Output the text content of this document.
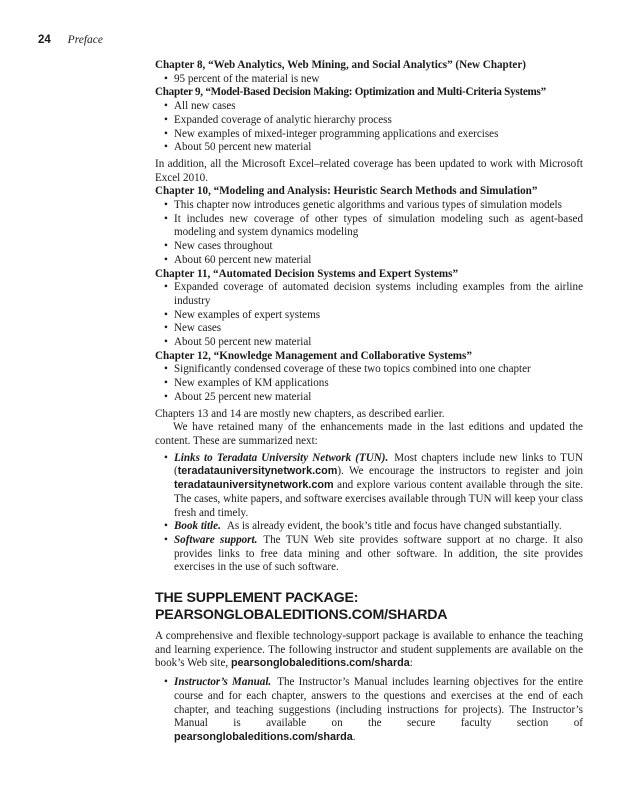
24 Preface
Chapter 8, “Web Analytics, Web Mining, and Social Analytics” (New Chapter)
• 95 percent of the material is new
Chapter 9, “Model-Based Decision Making: Optimization and Multi-Criteria Systems”
• All new cases
• Expanded coverage of analytic hierarchy process
• New examples of mixed-integer programming applications and exercises
• About 50 percent new material

In addition, all the Microsoft Excel–related coverage has been updated to work with Microsoft Excel 2010.

Chapter 10, “Modeling and Analysis: Heuristic Search Methods and Simulation”
• This chapter now introduces genetic algorithms and various types of simulation models
• It includes new coverage of other types of simulation modeling such as agent-based modeling and system dynamics modeling
• New cases throughout
• About 60 percent new material
Chapter 11, “Automated Decision Systems and Expert Systems”
• Expanded coverage of automated decision systems including examples from the airline industry
• New examples of expert systems
• New cases
• About 50 percent new material
Chapter 12, “Knowledge Management and Collaborative Systems”
• Significantly condensed coverage of these two topics combined into one chapter
• New examples of KM applications
• About 25 percent new material

Chapters 13 and 14 are mostly new chapters, as described earlier.

We have retained many of the enhancements made in the last editions and updated the content. These are summarized next:

• Links to Teradata University Network (TUN). Most chapters include new links to TUN (teradatauniversitynetwork.com). We encourage the instructors to register and join teradatauniversitynetwork.com and explore various content available through the site. The cases, white papers, and software exercises available through TUN will keep your class fresh and timely.
• Book title. As is already evident, the book’s title and focus have changed substantially.
• Software support. The TUN Web site provides software support at no charge. It also provides links to free data mining and other software. In addition, the site provides exercises in the use of such software.
THE SUPPLEMENT PACKAGE: PEARSONGLOBALEDITIONS.COM/SHARDA

A comprehensive and flexible technology-support package is available to enhance the teaching and learning experience. The following instructor and student supplements are available on the book’s Web site, pearsonglobaleditions.com/sharda:

• Instructor’s Manual. The Instructor’s Manual includes learning objectives for the entire course and for each chapter, answers to the questions and exercises at the end of each chapter, and teaching suggestions (including instructions for projects). The Instructor’s Manual is available on the secure faculty section of pearsonglobaleditions.com/sharda.
